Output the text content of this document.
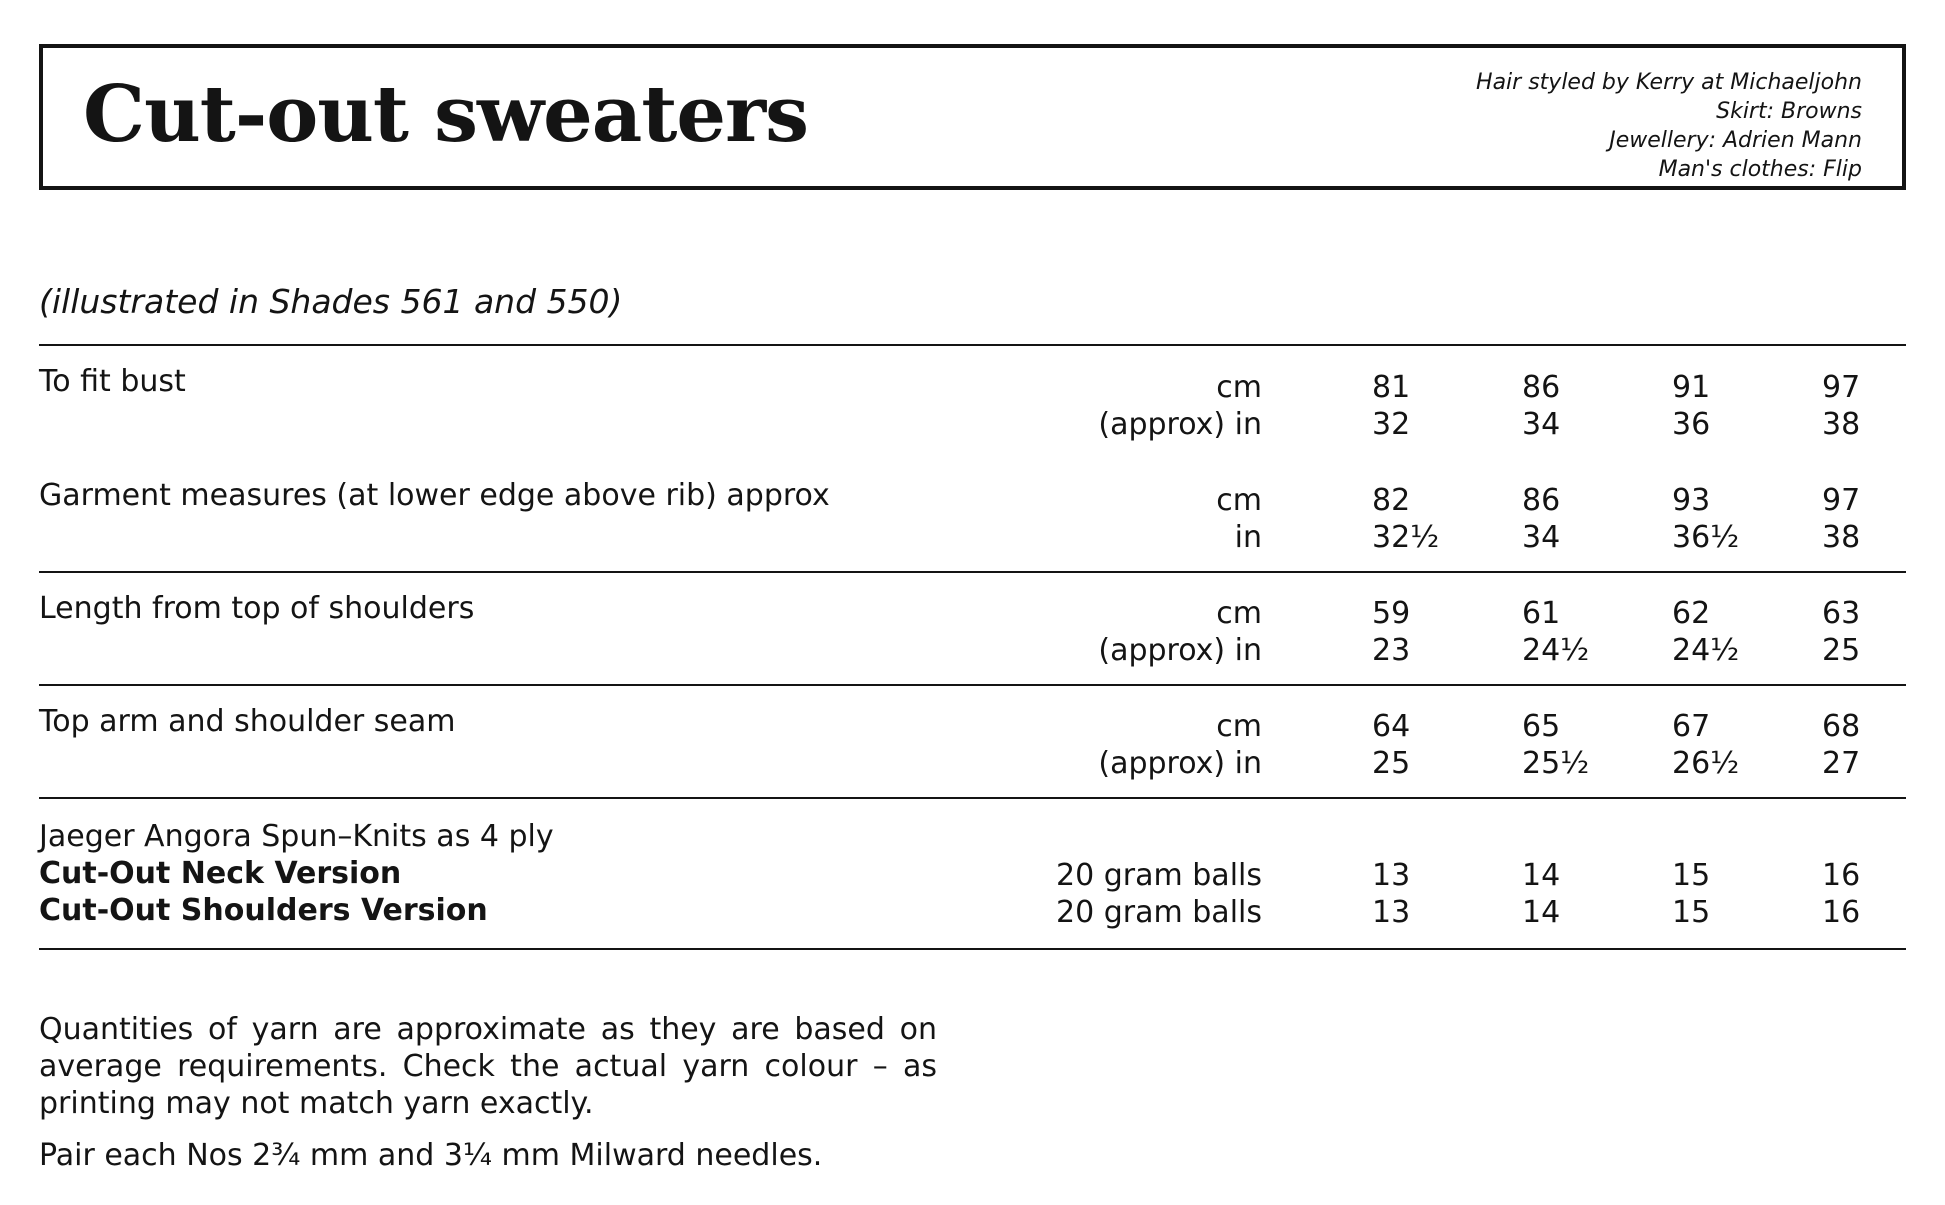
Cut-out sweaters	Hair styled by Kerry at Michaeljohn
Skirt: Browns
Jewellery: Adrien Mann
Man's clothes: Flip
(illustrated in Shades 561 and 550)
To fit bust	cm	81	86	91	97
(approx) in	32	34	36	38
Garment measures (at lower edge above rib) approx	cm	82	86	93	97
in	32½	34	36½	38
Length from top of shoulders	cm	59	61	62	63
(approx) in	23	24½	24½	25
Top arm and shoulder seam	cm	64	65	67	68
(approx) in	25	25½	26½	27
Jaeger Angora Spun–Knits as 4 ply
Cut-Out Neck Version	20 gram balls	13	14	15	16
Cut-Out Shoulders Version	20 gram balls	13	14	15	16
Quantities of yarn are approximate as they are based on average requirements. Check the actual yarn colour – as printing may not match yarn exactly.
Pair each Nos 2¾ mm and 3¼ mm Milward needles.
